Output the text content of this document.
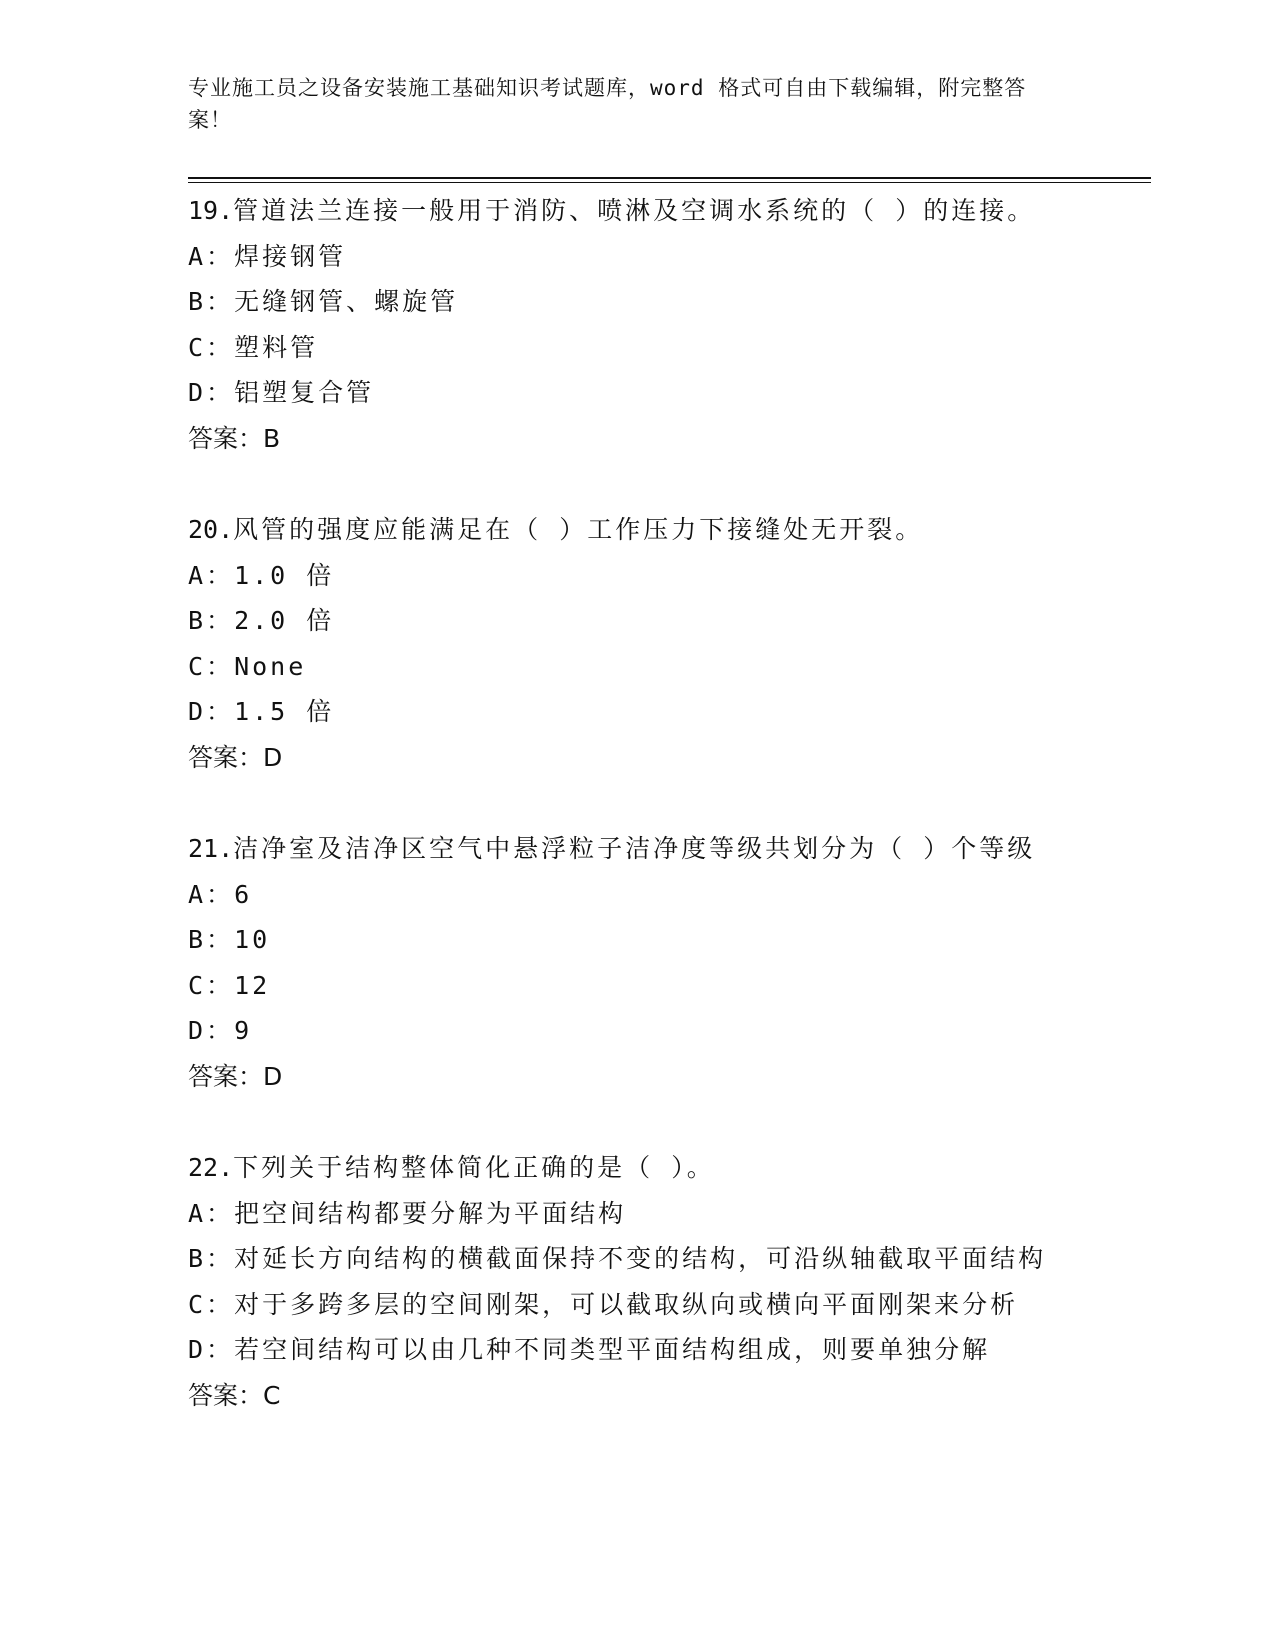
专业施工员之设备安装施工基础知识考试题库，word 格式可自由下载编辑，附完整答案！
19.管道法兰连接一般用于消防、喷淋及空调水系统的（ ）的连接。
A：焊接钢管
B：无缝钢管、螺旋管
C：塑料管
D：铝塑复合管
答案：B
20.风管的强度应能满足在（ ）工作压力下接缝处无开裂。
A：1.0 倍
B：2.0 倍
C：None
D：1.5 倍
答案：D
21.洁净室及洁净区空气中悬浮粒子洁净度等级共划分为（ ）个等级
A：6
B：10
C：12
D：9
答案：D
22.下列关于结构整体简化正确的是（ ）。
A：把空间结构都要分解为平面结构
B：对延长方向结构的横截面保持不变的结构，可沿纵轴截取平面结构
C：对于多跨多层的空间刚架，可以截取纵向或横向平面刚架来分析
D：若空间结构可以由几种不同类型平面结构组成，则要单独分解
答案：C
